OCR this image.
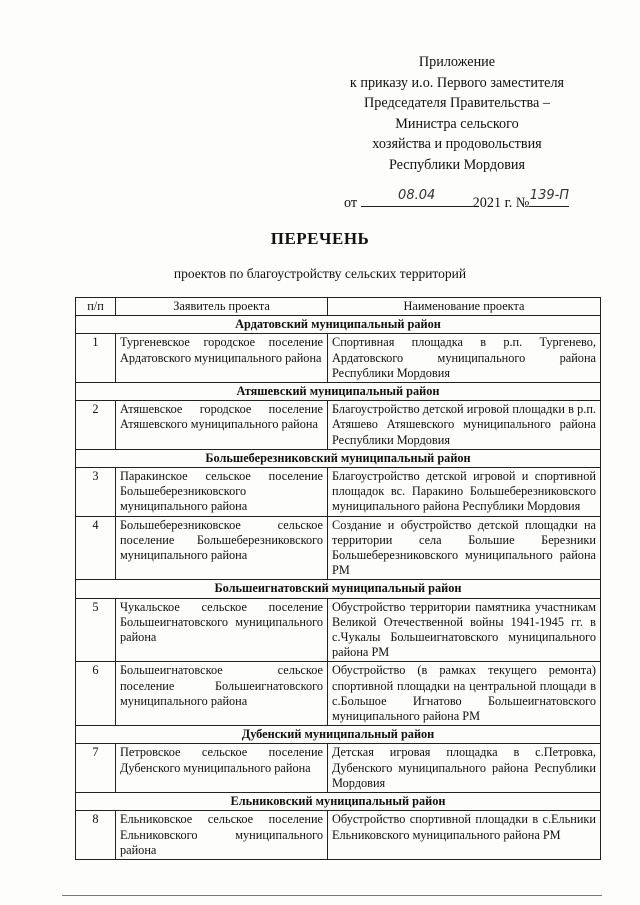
Приложение
к приказу и.о. Первого заместителя
Председателя Правительства –
Министра сельского
хозяйства и продовольствия
Республики Мордовия
от	08.04	2021 г. № 139-П
ПЕРЕЧЕНЬ
проектов по благоустройству сельских территорий
п/п	Заявитель проекта	Наименование проекта
Ардатовский муниципальный район		
1	Тургеневское городское поселение Ардатовского муниципального района	Спортивная площадка в р.п. Тургенево, Ардатовского муниципального района Республики Мордовия
Атяшевский муниципальный район		
2	Атяшевское городское поселение Атяшевского муниципального района	Благоустройство детской игровой площадки в р.п. Атяшево Атяшевского муниципального района Республики Мордовия
Большеберезниковский муниципальный район		
3	Паракинское сельское поселение Большеберезниковского муниципального района	Благоустройство детской игровой и спортивной площадок вс. Паракино Большеберезниковского муниципального района Республики Мордовия
4	Большеберезниковское сельское поселение Большеберезниковского муниципального района	Создание и обустройство детской площадки на территории села Большие Березники Большеберезниковского муниципального района РМ
Большеигнатовский муниципальный район		
5	Чукальское сельское поселение Большеигнатовского муниципального района	Обустройство территории памятника участникам Великой Отечественной войны 1941-1945 гг. в с.Чукалы Большеигнатовского муниципального района РМ
6	Большеигнатовское сельское поселение Большеигнатовского муниципального района	Обустройство (в рамках текущего ремонта) спортивной площадки на центральной площади в с.Большое Игнатово Большеигнатовского муниципального района РМ
Дубенский муниципальный район		
7	Петровское сельское поселение Дубенского муниципального района	Детская игровая площадка в с.Петровка, Дубенского муниципального района Республики Мордовия
Ельниковский муниципальный район		
8	Ельниковское сельское поселение Ельниковского муниципального района	Обустройство спортивной площадки в с.Ельники Ельниковского муниципального района РМ
